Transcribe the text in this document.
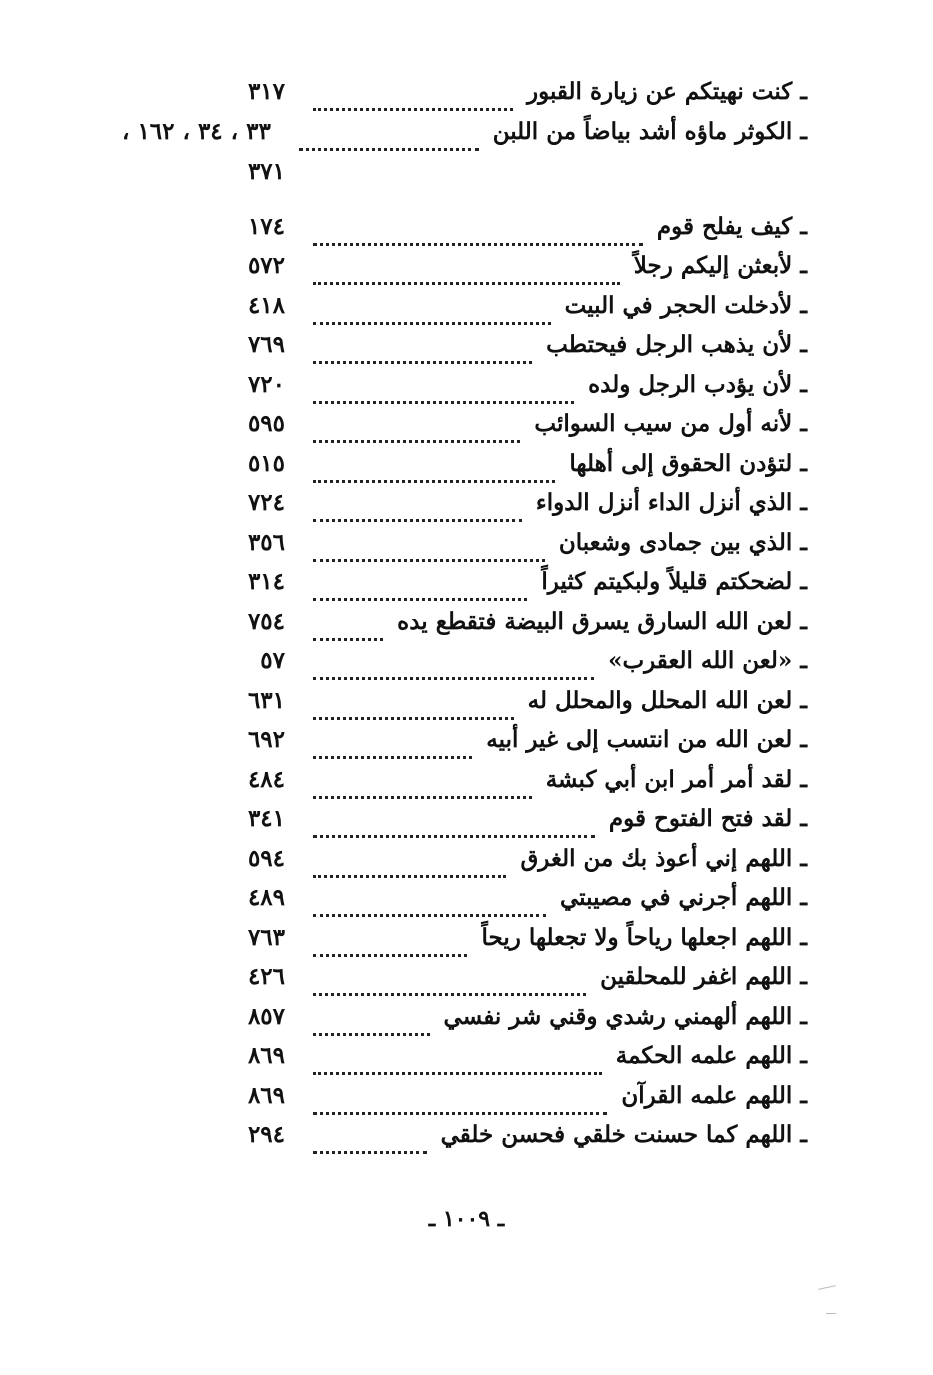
ـ كنت نهيتكم عن زيارة القبور
٣١٧
ـ الكوثر ماؤه أشد بياضاً من اللبن
٣٣ ، ٣٤ ، ١٦٢ ،
٣٧١
ـ كيف يفلح قوم
١٧٤
ـ لأبعثن إليكم رجلاً
٥٧٢
ـ لأدخلت الحجر في البيت
٤١٨
ـ لأن يذهب الرجل فيحتطب
٧٦٩
ـ لأن يؤدب الرجل ولده
٧٢٠
ـ لأنه أول من سيب السوائب
٥٩٥
ـ لتؤدن الحقوق إلى أهلها
٥١٥
ـ الذي أنزل الداء أنزل الدواء
٧٢٤
ـ الذي بين جمادى وشعبان
٣٥٦
ـ لضحكتم قليلاً ولبكيتم كثيراً
٣١٤
ـ لعن الله السارق يسرق البيضة فتقطع يده
٧٥٤
ـ «لعن الله العقرب»
٥٧
ـ لعن الله المحلل والمحلل له
٦٣١
ـ لعن الله من انتسب إلى غير أبيه
٦٩٢
ـ لقد أمر أمر ابن أبي كبشة
٤٨٤
ـ لقد فتح الفتوح قوم
٣٤١
ـ اللهم إني أعوذ بك من الغرق
٥٩٤
ـ اللهم أجرني في مصيبتي
٤٨٩
ـ اللهم اجعلها رياحاً ولا تجعلها ريحاً
٧٦٣
ـ اللهم اغفر للمحلقين
٤٢٦
ـ اللهم ألهمني رشدي وقني شر نفسي
٨٥٧
ـ اللهم علمه الحكمة
٨٦٩
ـ اللهم علمه القرآن
٨٦٩
ـ اللهم كما حسنت خلقي فحسن خلقي
٢٩٤
ـ ١٠٠٩ ـ
